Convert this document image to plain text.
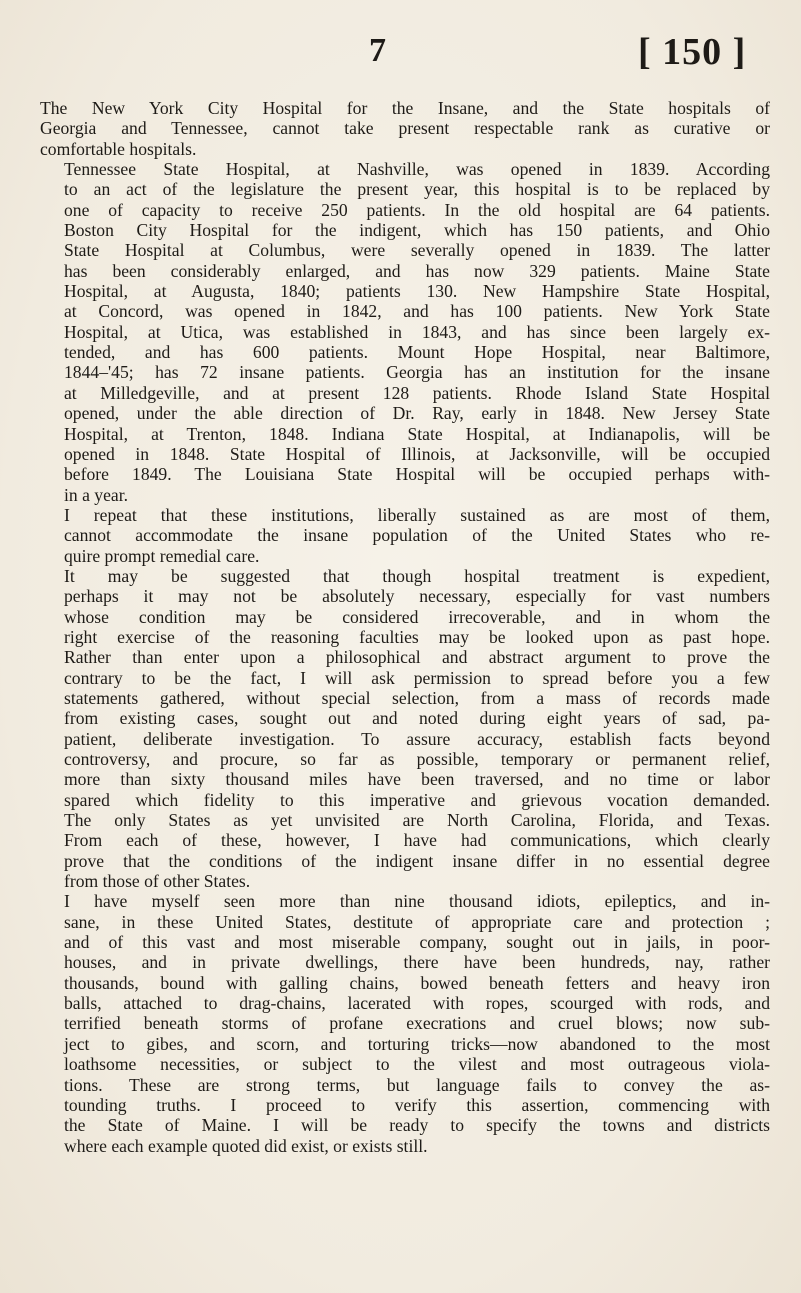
7	[ 150 ]
The New York City Hospital for the Insane, and the State hospitals of
Georgia and Tennessee, cannot take present respectable rank as curative or
comfortable hospitals.
Tennessee State Hospital, at Nashville, was opened in 1839. According
to an act of the legislature the present year, this hospital is to be replaced by
one of capacity to receive 250 patients. In the old hospital are 64 patients.
Boston City Hospital for the indigent, which has 150 patients, and Ohio
State Hospital at Columbus, were severally opened in 1839. The latter
has been considerably enlarged, and has now 329 patients. Maine State
Hospital, at Augusta, 1840; patients 130. New Hampshire State Hospital,
at Concord, was opened in 1842, and has 100 patients. New York State
Hospital, at Utica, was established in 1843, and has since been largely ex-
tended, and has 600 patients. Mount Hope Hospital, near Baltimore,
1844–'45; has 72 insane patients. Georgia has an institution for the insane
at Milledgeville, and at present 128 patients. Rhode Island State Hospital
opened, under the able direction of Dr. Ray, early in 1848. New Jersey State
Hospital, at Trenton, 1848. Indiana State Hospital, at Indianapolis, will be
opened in 1848. State Hospital of Illinois, at Jacksonville, will be occupied
before 1849. The Louisiana State Hospital will be occupied perhaps with-
in a year.
I repeat that these institutions, liberally sustained as are most of them,
cannot accommodate the insane population of the United States who re-
quire prompt remedial care.
It may be suggested that though hospital treatment is expedient,
perhaps it may not be absolutely necessary, especially for vast numbers
whose condition may be considered irrecoverable, and in whom the
right exercise of the reasoning faculties may be looked upon as past hope.
Rather than enter upon a philosophical and abstract argument to prove the
contrary to be the fact, I will ask permission to spread before you a few
statements gathered, without special selection, from a mass of records made
from existing cases, sought out and noted during eight years of sad, pa-
patient, deliberate investigation. To assure accuracy, establish facts beyond
controversy, and procure, so far as possible, temporary or permanent relief,
more than sixty thousand miles have been traversed, and no time or labor
spared which fidelity to this imperative and grievous vocation demanded.
The only States as yet unvisited are North Carolina, Florida, and Texas.
From each of these, however, I have had communications, which clearly
prove that the conditions of the indigent insane differ in no essential degree
from those of other States.
I have myself seen more than nine thousand idiots, epileptics, and in-
sane, in these United States, destitute of appropriate care and protection ;
and of this vast and most miserable company, sought out in jails, in poor-
houses, and in private dwellings, there have been hundreds, nay, rather
thousands, bound with galling chains, bowed beneath fetters and heavy iron
balls, attached to drag-chains, lacerated with ropes, scourged with rods, and
terrified beneath storms of profane execrations and cruel blows; now sub-
ject to gibes, and scorn, and torturing tricks—now abandoned to the most
loathsome necessities, or subject to the vilest and most outrageous viola-
tions. These are strong terms, but language fails to convey the as-
tounding truths. I proceed to verify this assertion, commencing with
the State of Maine. I will be ready to specify the towns and districts
where each example quoted did exist, or exists still.
